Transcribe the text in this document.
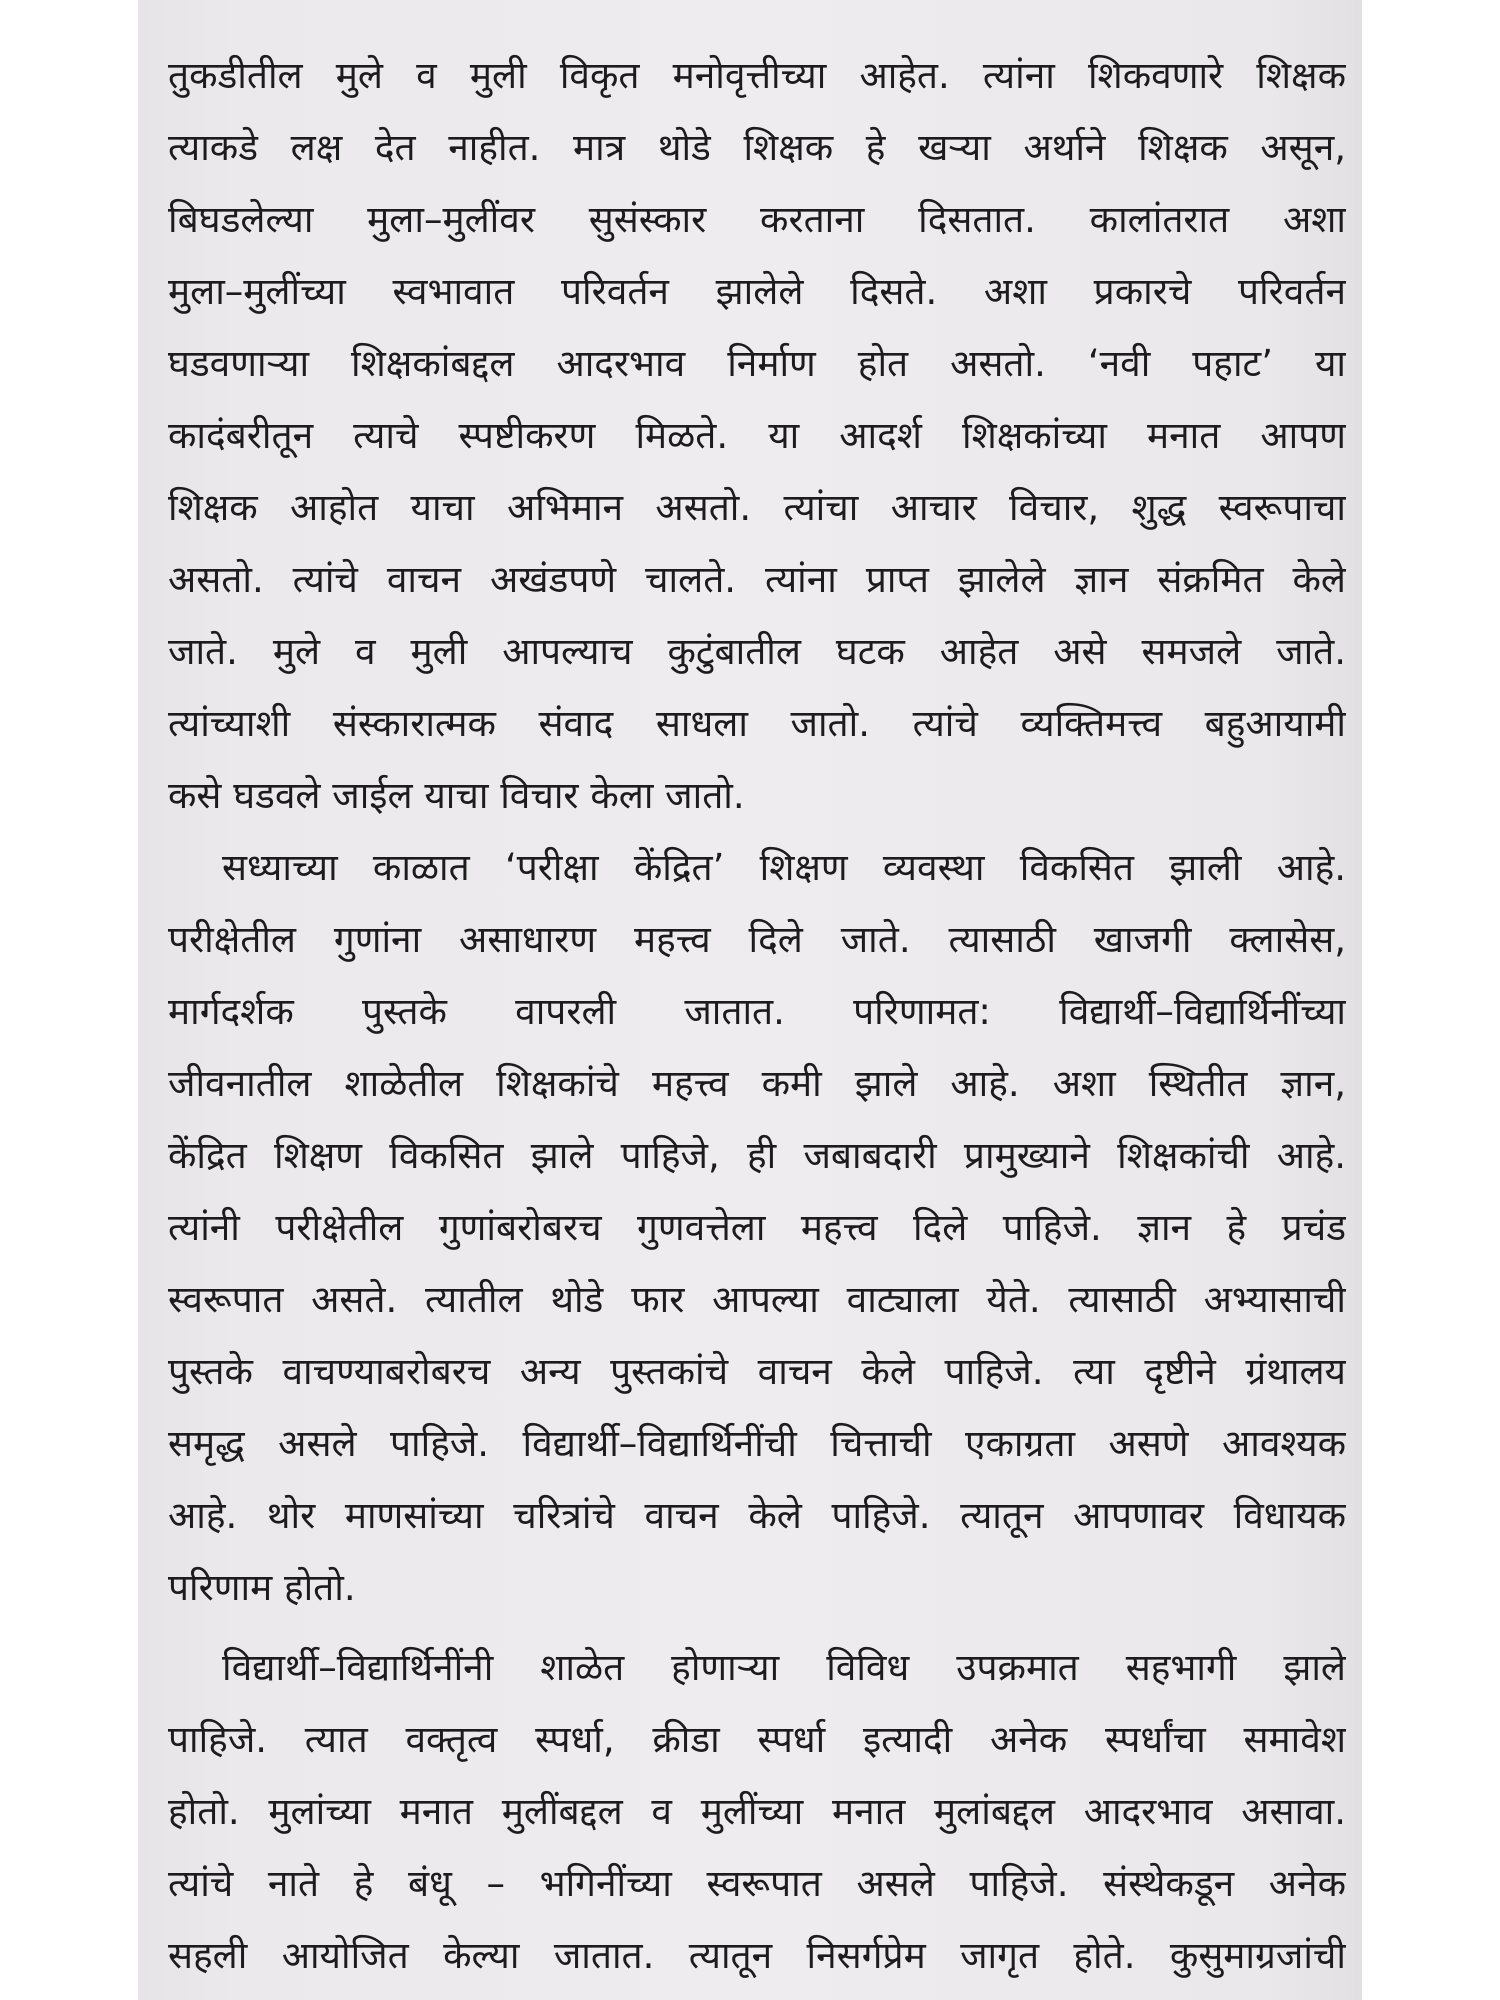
तुकडीतील मुले व मुली विकृत मनोवृत्तीच्या आहेत. त्यांना शिकवणारे शिक्षक
त्याकडे लक्ष देत नाहीत. मात्र थोडे शिक्षक हे खऱ्या अर्थाने शिक्षक असून,
बिघडलेल्या मुला–मुलींवर सुसंस्कार करताना दिसतात. कालांतरात अशा
मुला–मुलींच्या स्वभावात परिवर्तन झालेले दिसते. अशा प्रकारचे परिवर्तन
घडवणाऱ्या शिक्षकांबद्दल आदरभाव निर्माण होत असतो. ‘नवी पहाट’ या
कादंबरीतून त्याचे स्पष्टीकरण मिळते. या आदर्श शिक्षकांच्या मनात आपण
शिक्षक आहोत याचा अभिमान असतो. त्यांचा आचार विचार, शुद्ध स्वरूपाचा
असतो. त्यांचे वाचन अखंडपणे चालते. त्यांना प्राप्त झालेले ज्ञान संक्रमित केले
जाते. मुले व मुली आपल्याच कुटुंबातील घटक आहेत असे समजले जाते.
त्यांच्याशी संस्कारात्मक संवाद साधला जातो. त्यांचे व्यक्तिमत्त्व बहुआयामी
कसे घडवले जाईल याचा विचार केला जातो.
सध्याच्या काळात ‘परीक्षा केंद्रित’ शिक्षण व्यवस्था विकसित झाली आहे.
परीक्षेतील गुणांना असाधारण महत्त्व दिले जाते. त्यासाठी खाजगी क्लासेस,
मार्गदर्शक पुस्तके वापरली जातात. परिणामत: विद्यार्थी–विद्यार्थिनींच्या
जीवनातील शाळेतील शिक्षकांचे महत्त्व कमी झाले आहे. अशा स्थितीत ज्ञान,
केंद्रित शिक्षण विकसित झाले पाहिजे, ही जबाबदारी प्रामुख्याने शिक्षकांची आहे.
त्यांनी परीक्षेतील गुणांबरोबरच गुणवत्तेला महत्त्व दिले पाहिजे. ज्ञान हे प्रचंड
स्वरूपात असते. त्यातील थोडे फार आपल्या वाट्याला येते. त्यासाठी अभ्यासाची
पुस्तके वाचण्याबरोबरच अन्य पुस्तकांचे वाचन केले पाहिजे. त्या दृष्टीने ग्रंथालय
समृद्ध असले पाहिजे. विद्यार्थी–विद्यार्थिनींची चित्ताची एकाग्रता असणे आवश्यक
आहे. थोर माणसांच्या चरित्रांचे वाचन केले पाहिजे. त्यातून आपणावर विधायक
परिणाम होतो.
विद्यार्थी–विद्यार्थिनींनी शाळेत होणाऱ्या विविध उपक्रमात सहभागी झाले
पाहिजे. त्यात वक्तृत्व स्पर्धा, क्रीडा स्पर्धा इत्यादी अनेक स्पर्धांचा समावेश
होतो. मुलांच्या मनात मुलींबद्दल व मुलींच्या मनात मुलांबद्दल आदरभाव असावा.
त्यांचे नाते हे बंधू – भगिनींच्या स्वरूपात असले पाहिजे. संस्थेकडून अनेक
सहली आयोजित केल्या जातात. त्यातून निसर्गप्रेम जागृत होते. कुसुमाग्रजांची
